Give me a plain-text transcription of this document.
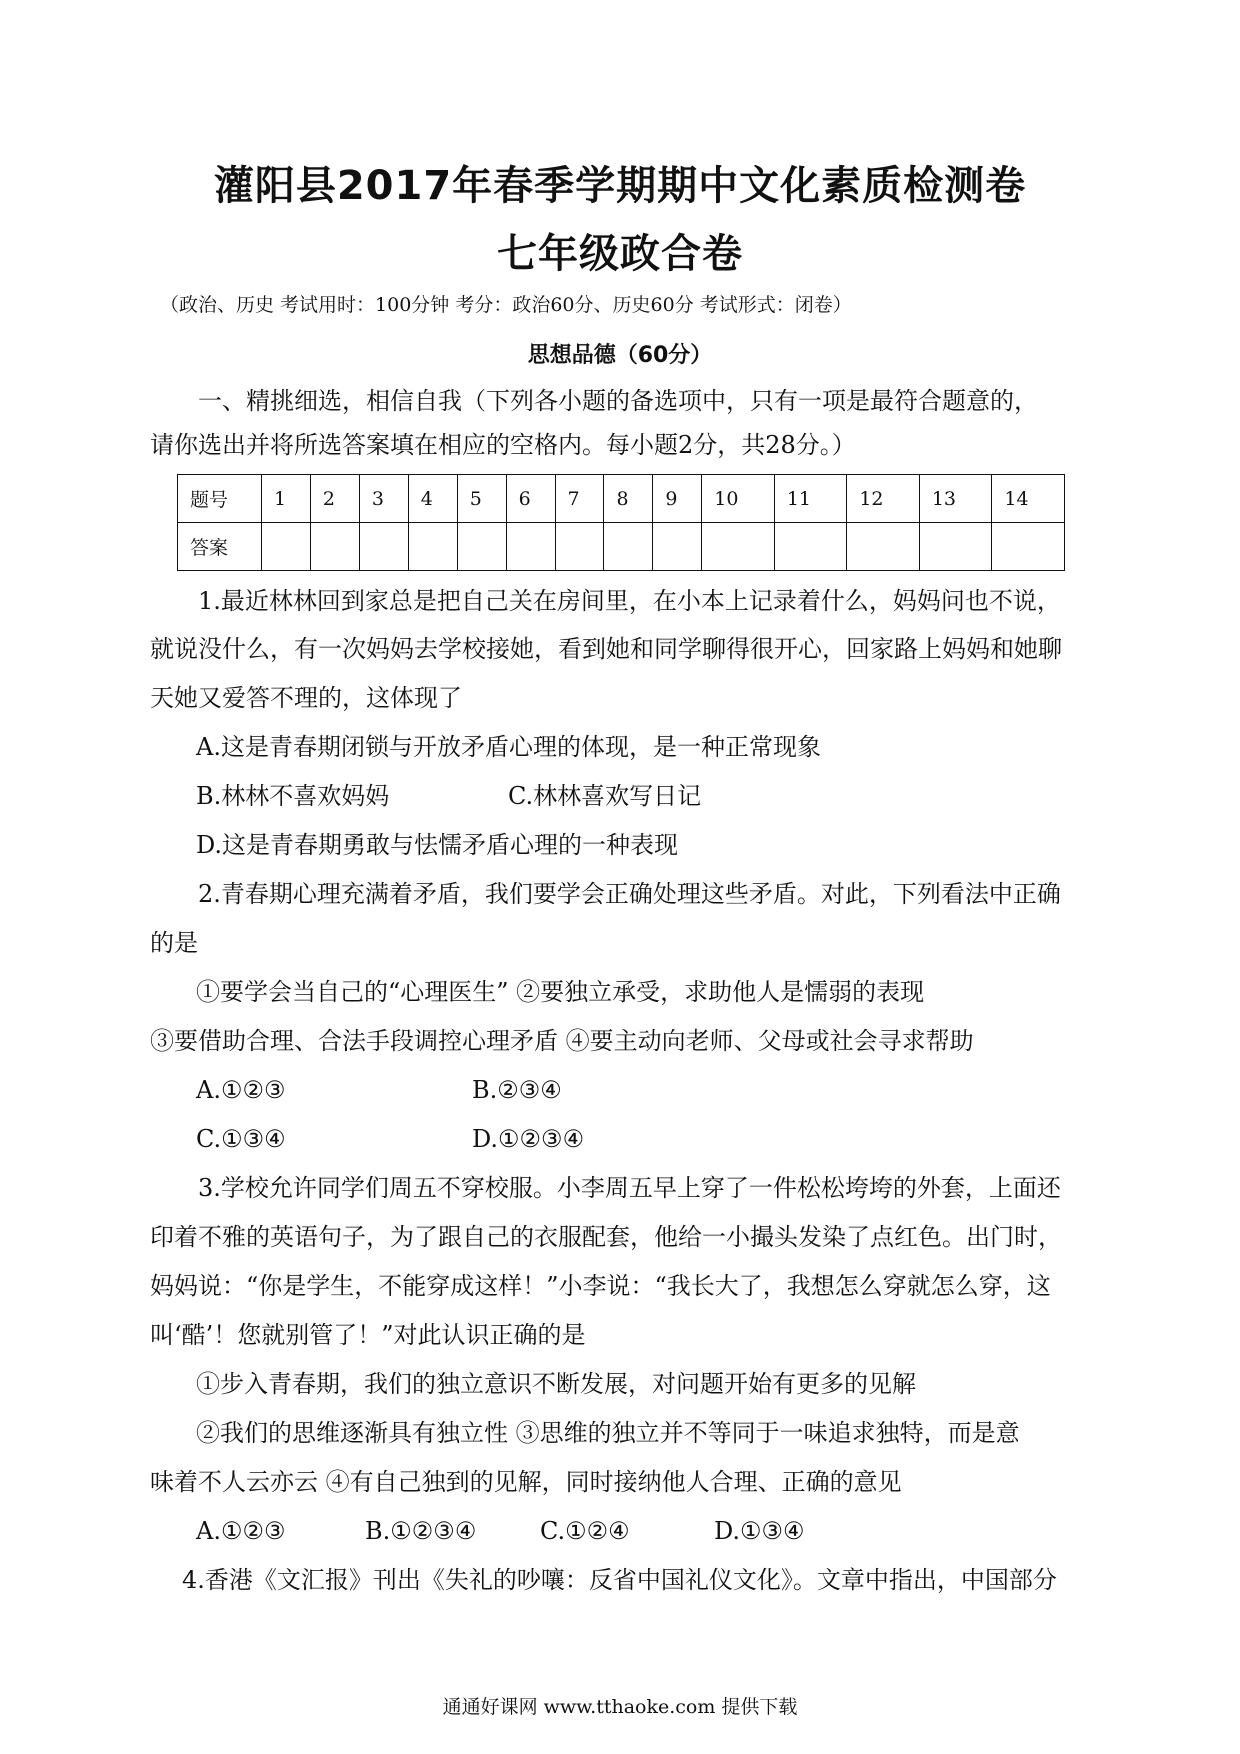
灌阳县2017年春季学期期中文化素质检测卷
七年级政合卷
（政治、历史 考试用时：100分钟 考分：政治60分、历史60分 考试形式：闭卷）
思想品德（60分）
一、精挑细选，相信自我（下列各小题的备选项中，只有一项是最符合题意的，
请你选出并将所选答案填在相应的空格内。每小题2分，共28分。）
题号	1	2	3	4	5	6	7	8	9	10	11	12	13	14
答案														
1.最近林林回到家总是把自己关在房间里，在小本上记录着什么，妈妈问也不说，
就说没什么，有一次妈妈去学校接她，看到她和同学聊得很开心，回家路上妈妈和她聊
天她又爱答不理的，这体现了
A.这是青春期闭锁与开放矛盾心理的体现，是一种正常现象
B.林林不喜欢妈妈	C.林林喜欢写日记
D.这是青春期勇敢与怯懦矛盾心理的一种表现
2.青春期心理充满着矛盾，我们要学会正确处理这些矛盾。对此，下列看法中正确
的是
①要学会当自己的“心理医生” ②要独立承受，求助他人是懦弱的表现
③要借助合理、合法手段调控心理矛盾 ④要主动向老师、父母或社会寻求帮助
A.①②③	B.②③④
C.①③④	D.①②③④
3.学校允许同学们周五不穿校服。小李周五早上穿了一件松松垮垮的外套，上面还
印着不雅的英语句子，为了跟自己的衣服配套，他给一小撮头发染了点红色。出门时，
妈妈说：“你是学生，不能穿成这样！”小李说：“我长大了，我想怎么穿就怎么穿，这
叫‘酷’！您就别管了！”对此认识正确的是
①步入青春期，我们的独立意识不断发展，对问题开始有更多的见解
②我们的思维逐渐具有独立性 ③思维的独立并不等同于一味追求独特，而是意
味着不人云亦云 ④有自己独到的见解，同时接纳他人合理、正确的意见
A.①②③	B.①②③④	C.①②④	D.①③④
4.香港《文汇报》刊出《失礼的吵嚷：反省中国礼仪文化》。文章中指出，中国部分
通通好课网 www.tthaoke.com 提供下载
